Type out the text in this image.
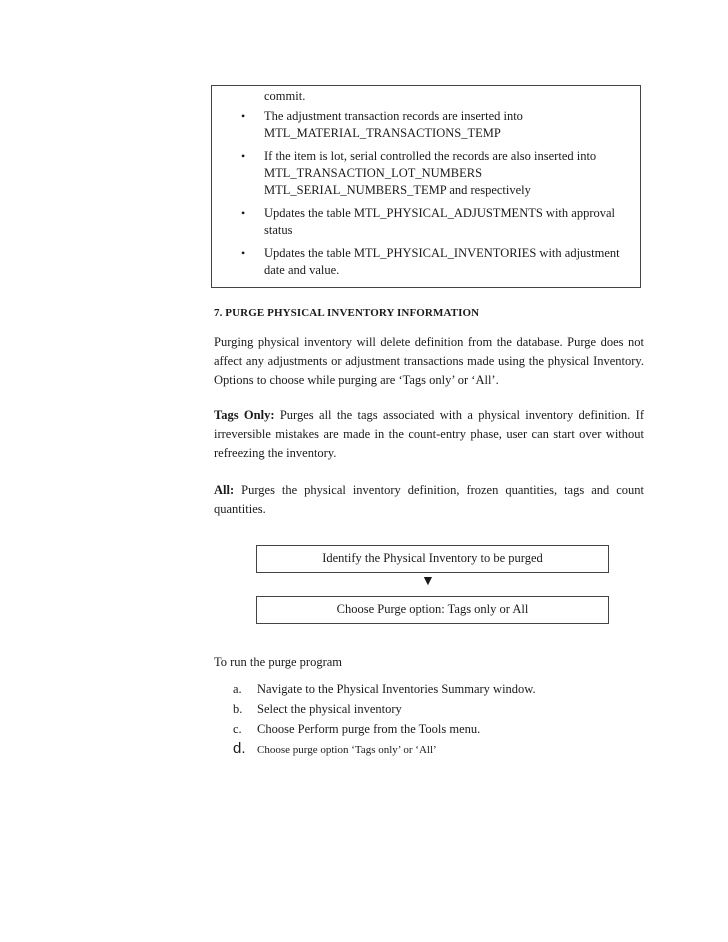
commit.
• The adjustment transaction records are inserted into
MTL_MATERIAL_TRANSACTIONS_TEMP
• If the item is lot, serial controlled the records are also inserted into
MTL_TRANSACTION_LOT_NUMBERS
MTL_SERIAL_NUMBERS_TEMP and respectively
• Updates the table MTL_PHYSICAL_ADJUSTMENTS with approval
status
• Updates the table MTL_PHYSICAL_INVENTORIES with adjustment
date and value.
7. PURGE PHYSICAL INVENTORY INFORMATION

Purging physical inventory will delete definition from the database. Purge does not affect any adjustments or adjustment transactions made using the physical Inventory. Options to choose while purging are ‘Tags only’ or ‘All’.

Tags Only: Purges all the tags associated with a physical inventory definition. If irreversible mistakes are made in the count-entry phase, user can start over without refreezing the inventory.

All: Purges the physical inventory definition, frozen quantities, tags and count quantities.

Identify the Physical Inventory to be purged
▼
Choose Purge option: Tags only or All
To run the purge program
a. Navigate to the Physical Inventories Summary window.
b. Select the physical inventory
c. Choose Perform purge from the Tools menu.
d. Choose purge option ‘Tags only’ or ‘All’
